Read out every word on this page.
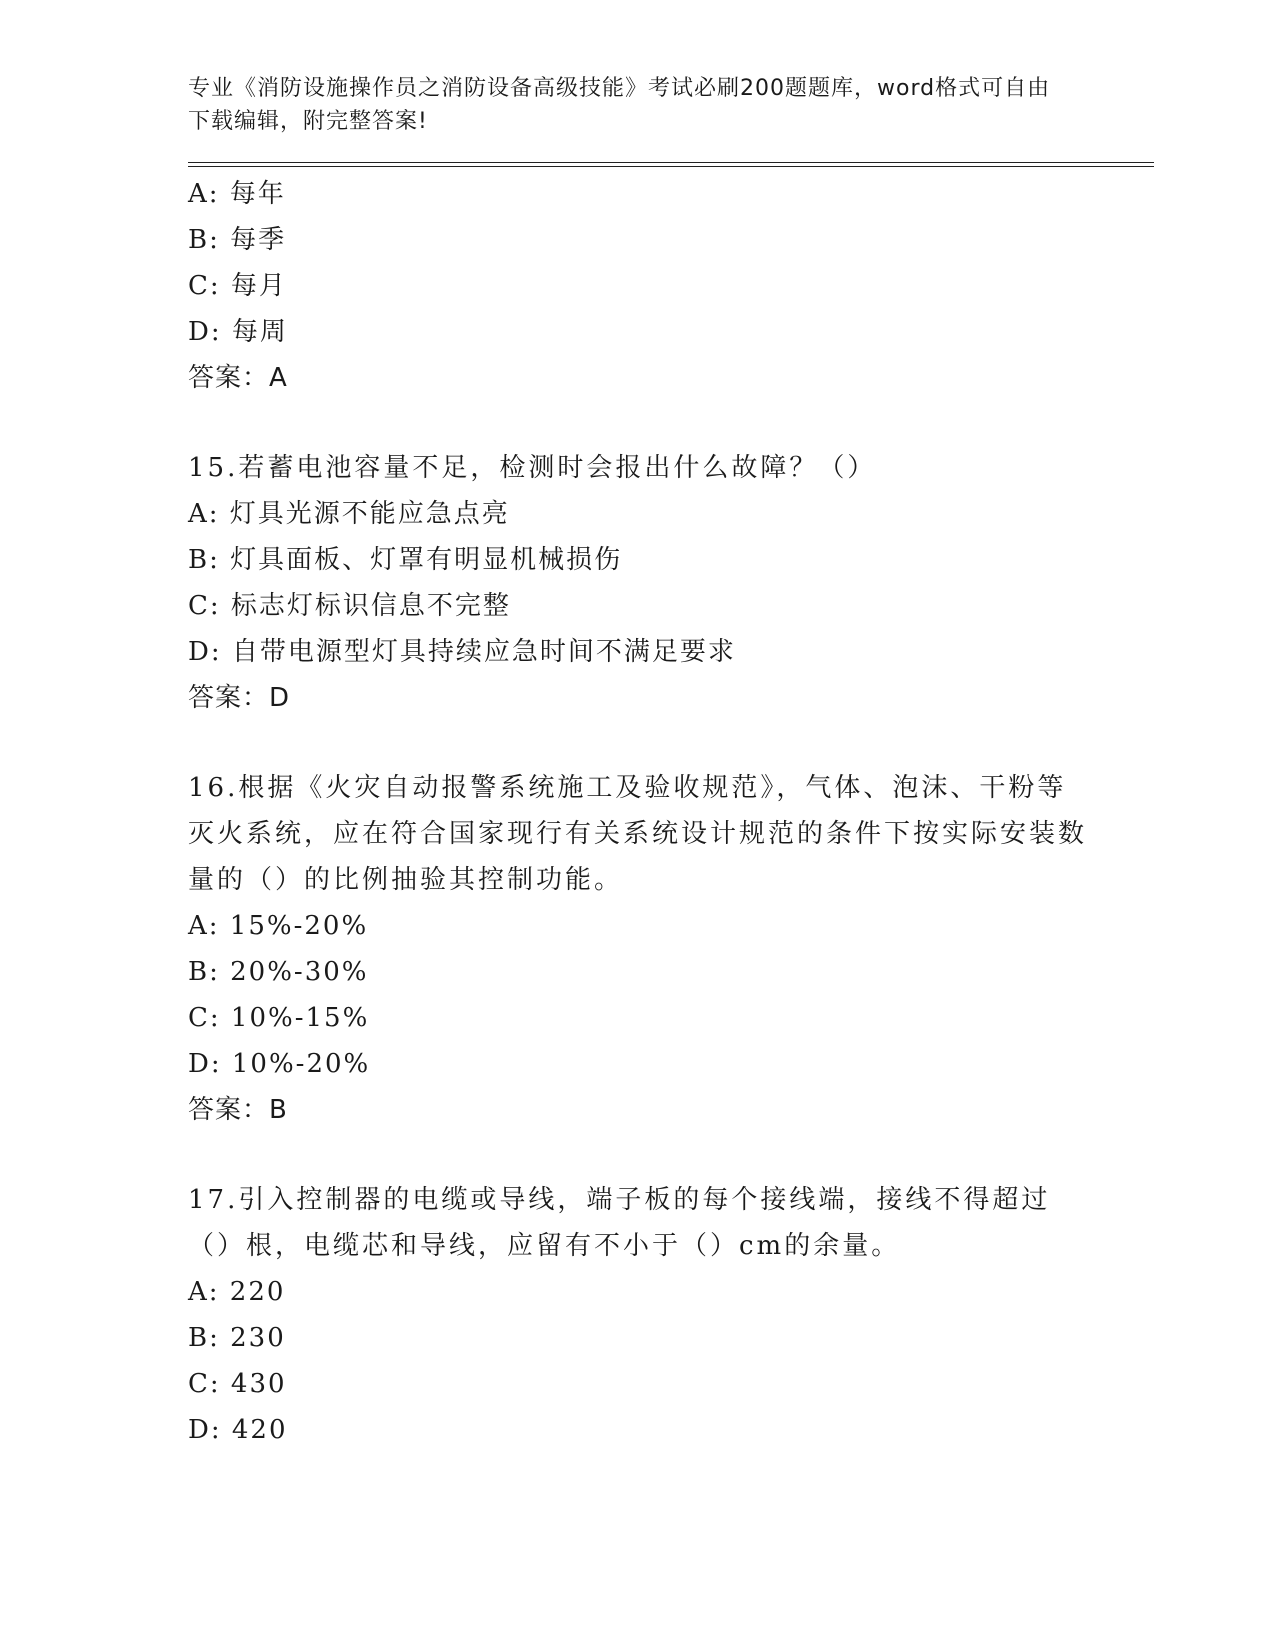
专业《消防设施操作员之消防设备高级技能》考试必刷200题题库，word格式可自由下载编辑，附完整答案!
A: 每年
B: 每季
C: 每月
D: 每周
答案：A
15.若蓄电池容量不足，检测时会报出什么故障？（）
A: 灯具光源不能应急点亮
B: 灯具面板、灯罩有明显机械损伤
C: 标志灯标识信息不完整
D: 自带电源型灯具持续应急时间不满足要求
答案：D
16.根据《火灾自动报警系统施工及验收规范》，气体、泡沫、干粉等灭火系统，应在符合国家现行有关系统设计规范的条件下按实际安装数量的（）的比例抽验其控制功能。
A: 15%-20%
B: 20%-30%
C: 10%-15%
D: 10%-20%
答案：B
17.引入控制器的电缆或导线，端子板的每个接线端，接线不得超过（）根，电缆芯和导线，应留有不小于（）cm的余量。
A: 220
B: 230
C: 430
D: 420
